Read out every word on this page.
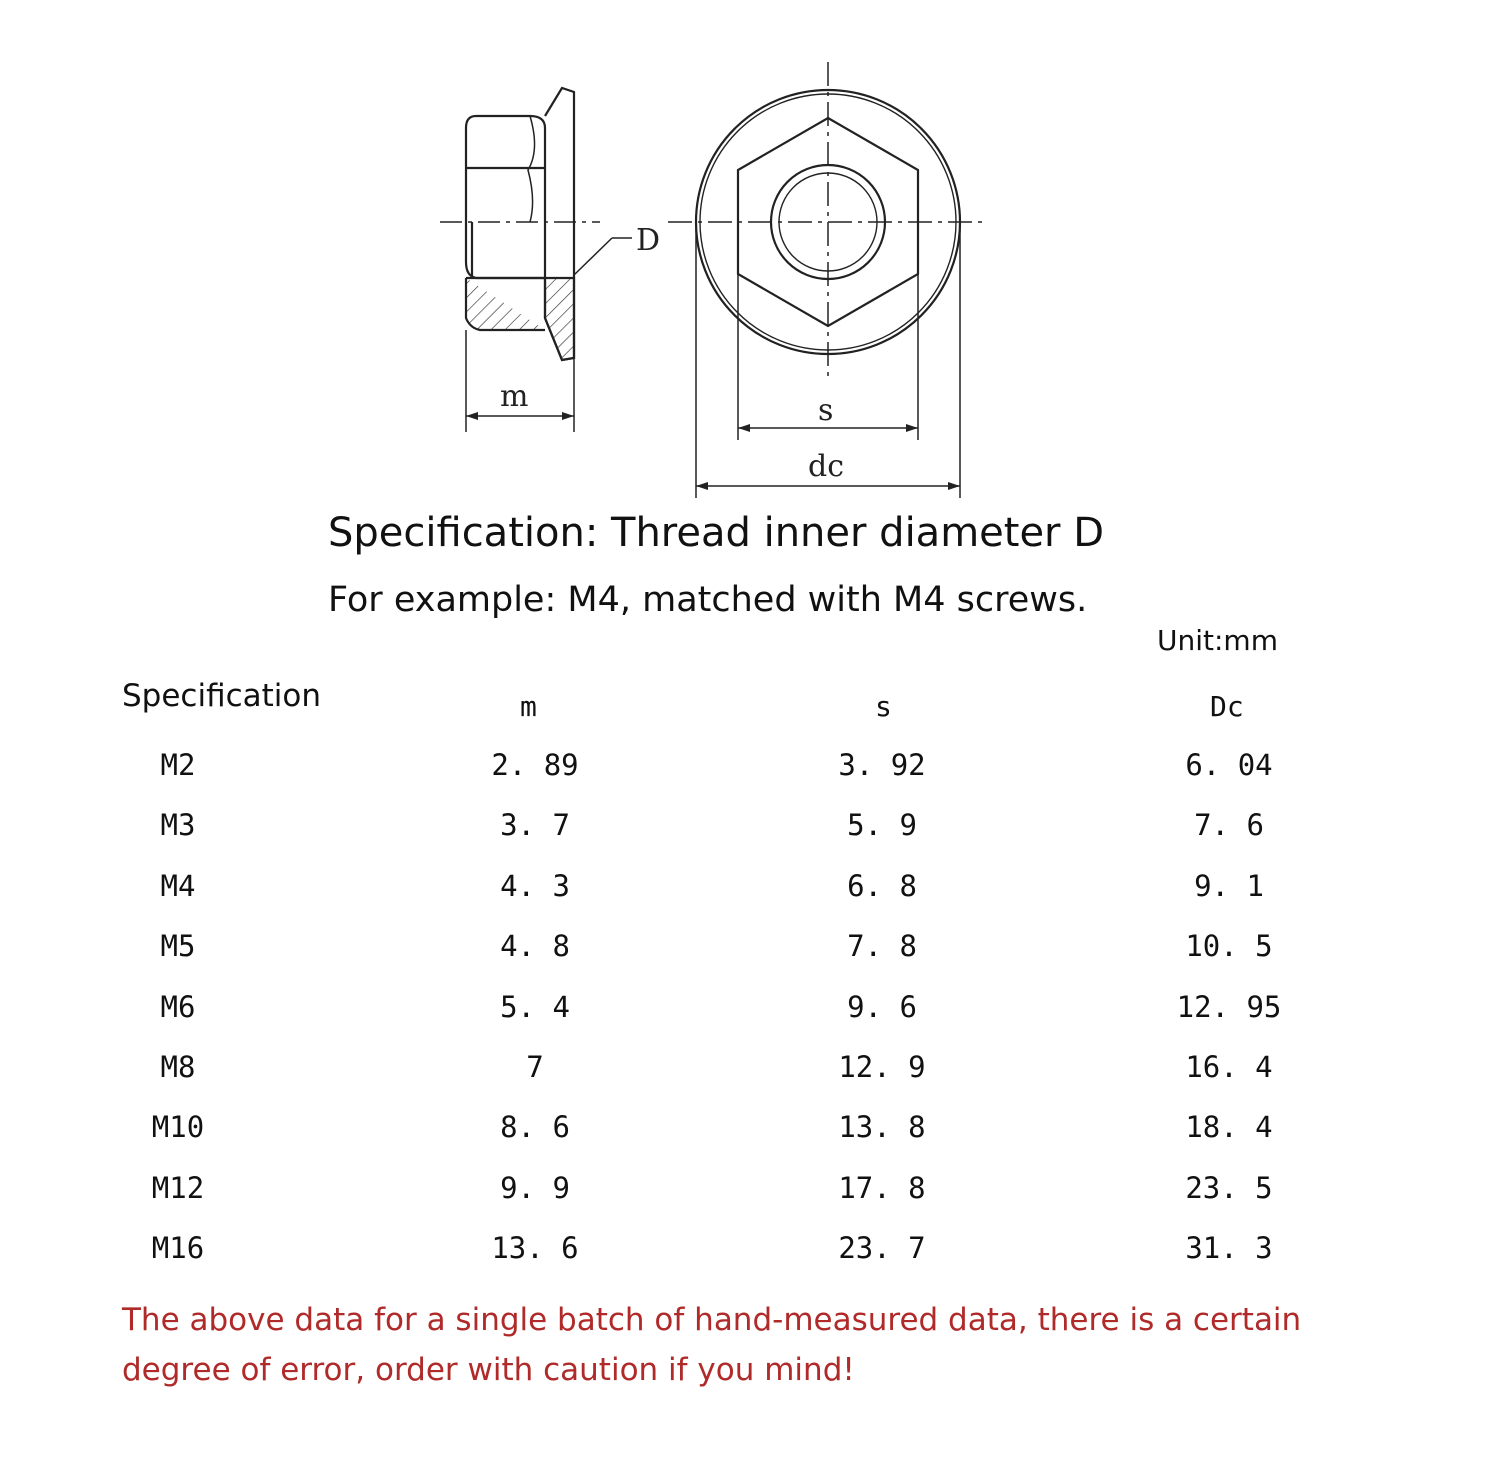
D
m	s
dc
Specification: Thread inner diameter D
For example: M4, matched with M4 screws.
Unit:mm
Specification	m	s	Dc
M2	2. 89	3. 92	6. 04
M3	3. 7	5. 9	7. 6
M4	4. 3	6. 8	9. 1
M5	4. 8	7. 8	10. 5
M6	5. 4	9. 6	12. 95
M8	7	12. 9	16. 4
M10	8. 6	13. 8	18. 4
M12	9. 9	17. 8	23. 5
M16	13. 6	23. 7	31. 3
The above data for a single batch of hand-measured data, there is a certain degree of error, order with caution if you mind!
